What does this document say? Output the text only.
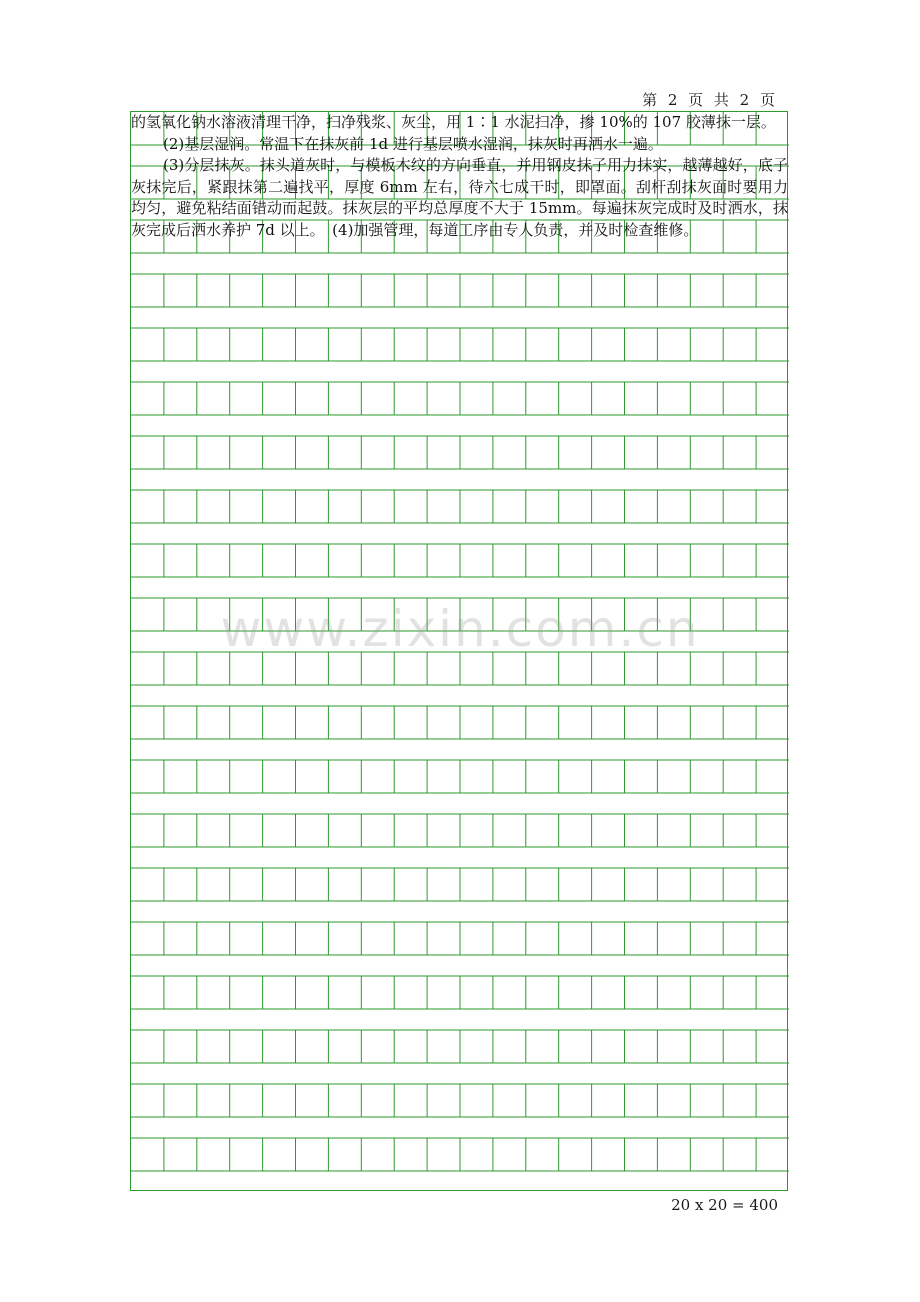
第 2 页 共 2 页

的氢氧化钠水溶液清理干净，扫净残浆、灰尘，用 1∶1 水泥扫净，掺 10%的 107 胶薄抹一层。

(2)基层湿润。常温下在抹灰前 1d 进行基层喷水湿润，抹灰时再洒水一遍。

(3)分层抹灰。抹头道灰时，与模板木纹的方向垂直，并用钢皮抹子用力抹实，越薄越好，底子灰抹完后，紧跟抹第二遍找平，厚度 6mm 左右，待六七成干时，即罩面。刮杆刮抹灰面时要用力均匀，避免粘结面错动而起鼓。抹灰层的平均总厚度不大于 15mm。每遍抹灰完成时及时洒水，抹灰完成后洒水养护 7d 以上。　(4)加强管理，每道工序由专人负责，并及时检查维修。

www.zixin.com.cn
20 x 20 = 400
